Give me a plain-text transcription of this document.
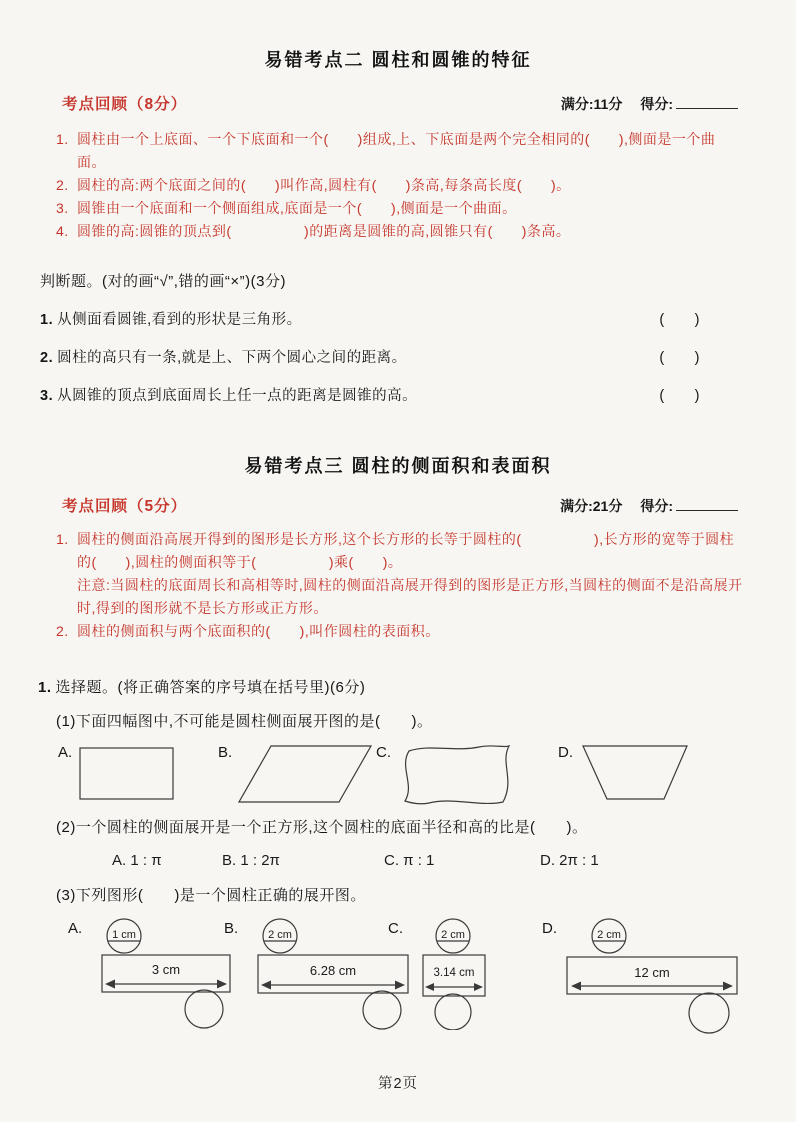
易错考点二 圆柱和圆锥的特征
考点回顾（8分）	满分:11分 得分:
1. 圆柱由一个上底面、一个下底面和一个(　　)组成,上、下底面是两个完全相同的(　　),侧面是一个曲面。
2. 圆柱的高:两个底面之间的(　　)叫作高,圆柱有(　　)条高,每条高长度(　　)。
3. 圆锥由一个底面和一个侧面组成,底面是一个(　　),侧面是一个曲面。
4. 圆锥的高:圆锥的顶点到(　　　　　)的距离是圆锥的高,圆锥只有(　　)条高。
判断题。(对的画“√”,错的画“×”)(3分)
1. 从侧面看圆锥,看到的形状是三角形。	(　　)
2. 圆柱的高只有一条,就是上、下两个圆心之间的距离。	(　　)
3. 从圆锥的顶点到底面周长上任一点的距离是圆锥的高。	(　　)
易错考点三 圆柱的侧面积和表面积
考点回顾（5分）	满分:21分 得分:
1. 圆柱的侧面沿高展开得到的图形是长方形,这个长方形的长等于圆柱的(　　　　　),长方形的宽等于圆柱的(　　),圆柱的侧面积等于(　　　　　)乘(　　)。
注意:当圆柱的底面周长和高相等时,圆柱的侧面沿高展开得到的图形是正方形,当圆柱的侧面不是沿高展开时,得到的图形就不是长方形或正方形。
2. 圆柱的侧面积与两个底面积的(　　),叫作圆柱的表面积。
1. 选择题。(将正确答案的序号填在括号里)(6分)
(1)下面四幅图中,不可能是圆柱侧面展开图的是(　　)。
A.	B.	C.	D.
(2)一个圆柱的侧面展开是一个正方形,这个圆柱的底面半径和高的比是(　　)。
A. 1 : π	B. 1 : 2π	C. π : 1	D. 2π : 1
(3)下列图形(　　)是一个圆柱正确的展开图。
A.	1 cm
3 cm
B.	2 cm
6.28 cm
C.	2 cm
3.14 cm
D.	2 cm
12 cm
第2页
